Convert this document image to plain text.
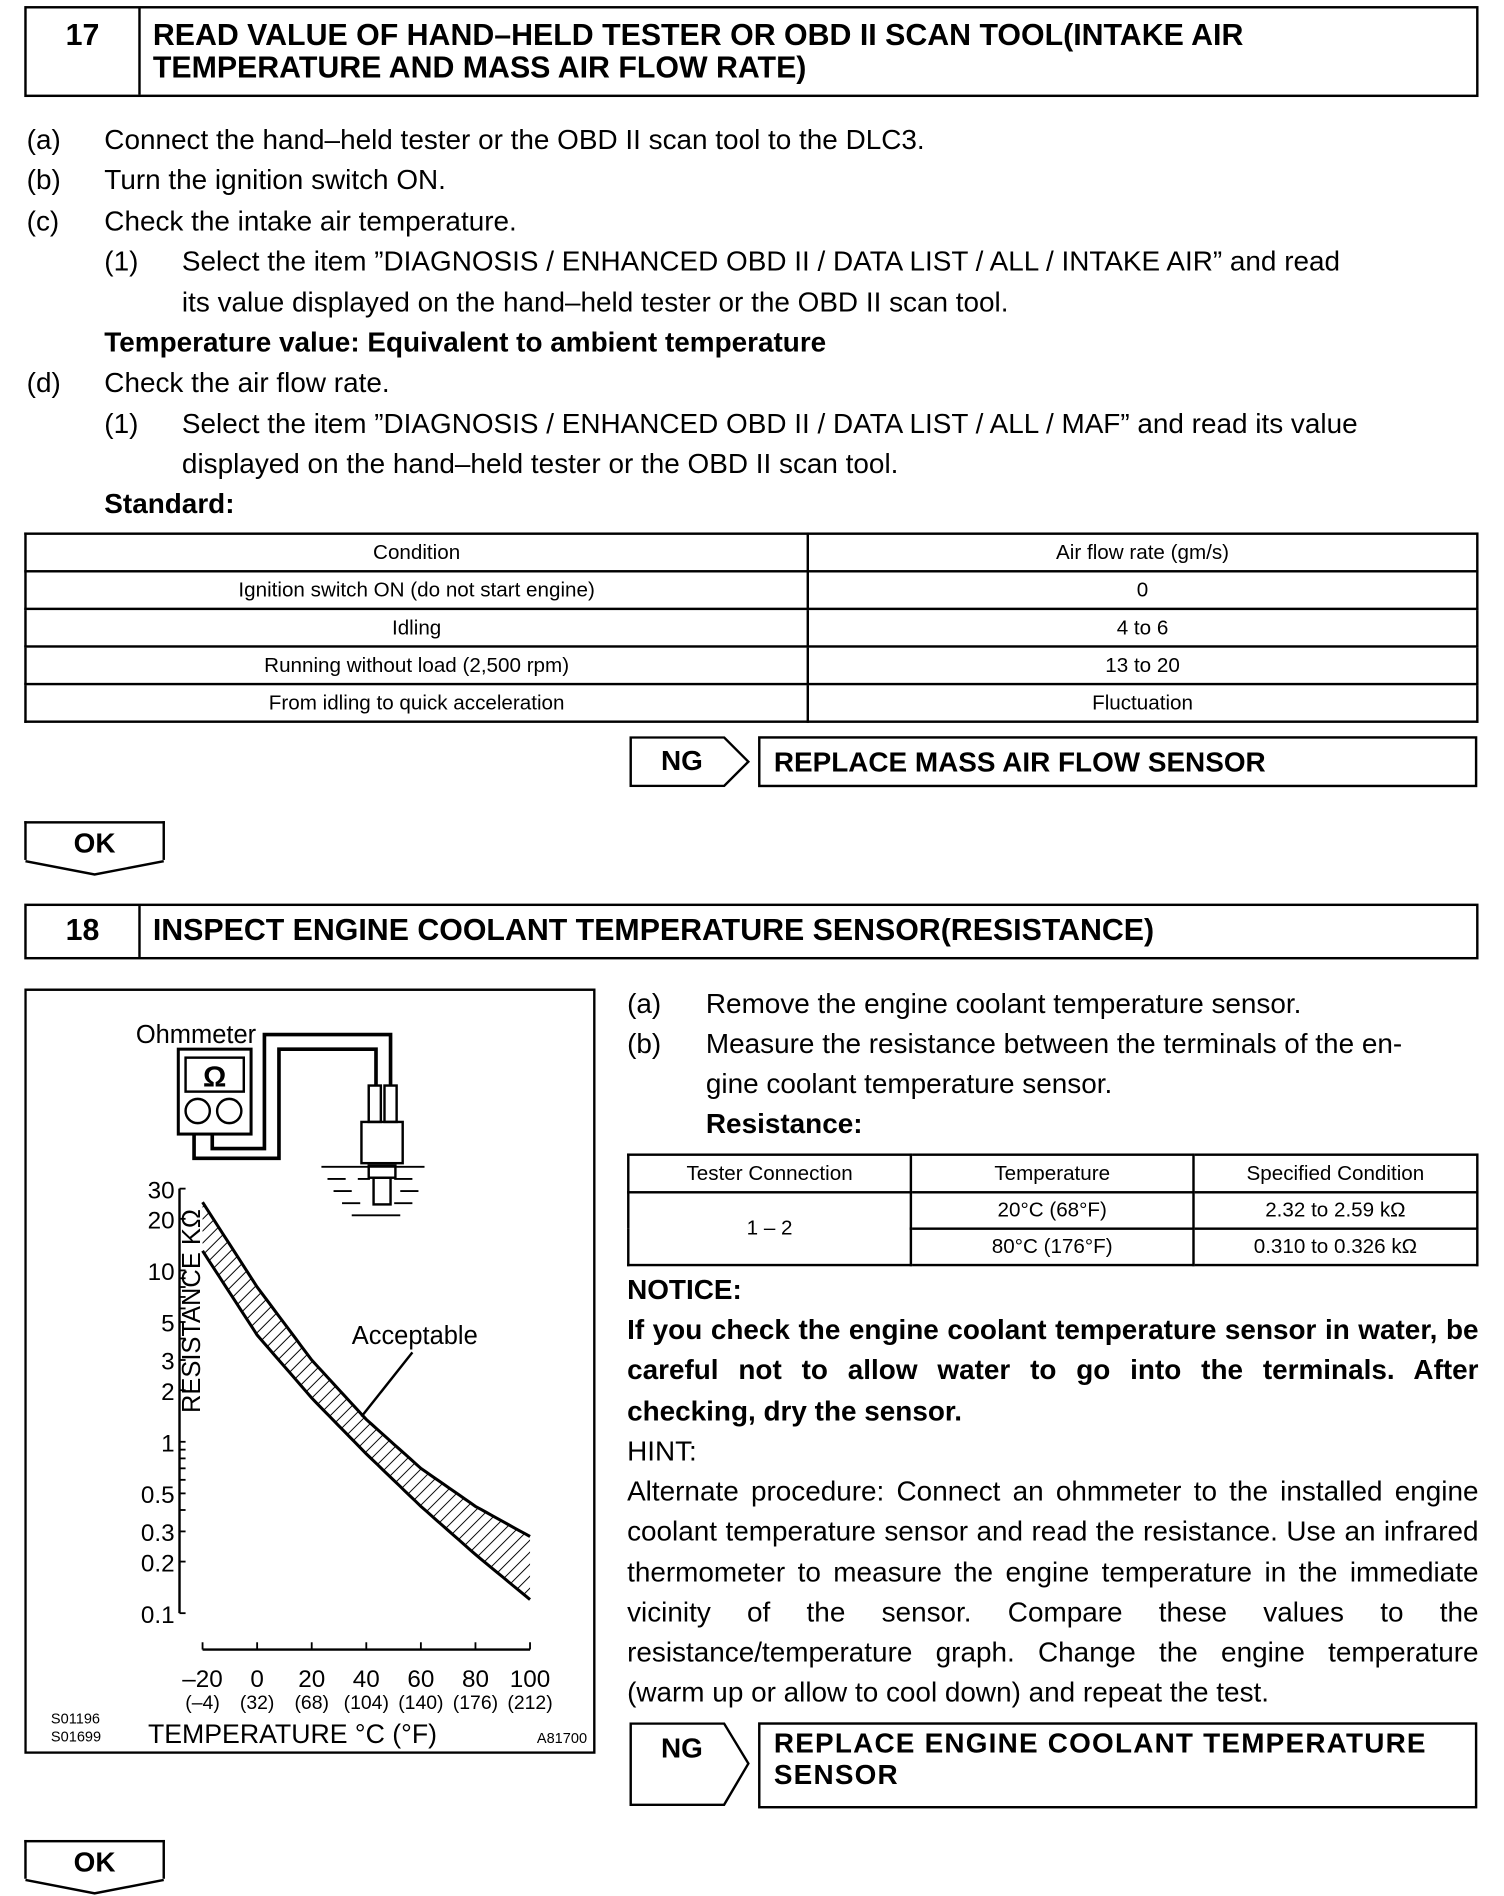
17	READ VALUE OF HAND–HELD TESTER OR OBD II SCAN TOOL(INTAKE AIR TEMPERATURE AND MASS AIR FLOW RATE)
(a) Connect the hand–held tester or the OBD II scan tool to the DLC3.
(b) Turn the ignition switch ON.
(c) Check the intake air temperature.
(1) Select the item ”DIAGNOSIS / ENHANCED OBD II / DATA LIST / ALL / INTAKE AIR” and read
its value displayed on the hand–held tester or the OBD II scan tool.
Temperature value: Equivalent to ambient temperature
(d) Check the air flow rate.
(1) Select the item ”DIAGNOSIS / ENHANCED OBD II / DATA LIST / ALL / MAF” and read its value
displayed on the hand–held tester or the OBD II scan tool.
Standard:
Condition	Air flow rate (gm/s)
Ignition switch ON (do not start engine)	0
Idling	4 to 6
Running without load (2,500 rpm)	13 to 20
From idling to quick acceleration	Fluctuation
NG	REPLACE MASS AIR FLOW SENSOR
OK
18	INSPECT ENGINE COOLANT TEMPERATURE SENSOR(RESISTANCE)
Ohmmeter
Ω
30
20
10
5
3
2
1
0.5
0.3
0.2
0.1
–20
(–4)
0
(32)
20
(68)
40
(104)
60
(140)
80
(176)
100
(212)
Acceptable
RESISTANCE KΩ
TEMPERATURE °C (°F)
S01196
S01699	A81700
(a) Remove the engine coolant temperature sensor.
(b) Measure the resistance between the terminals of the en-
gine coolant temperature sensor.
Resistance:
Tester Connection	Temperature	Specified Condition
1 – 2	20°C (68°F)	2.32 to 2.59 kΩ
	80°C (176°F)	0.310 to 0.326 kΩ
NOTICE:
If you check the engine coolant temperature sensor in water, be careful not to allow water to go into the terminals. After checking, dry the sensor.
HINT:
Alternate procedure: Connect an ohmmeter to the installed engine coolant temperature sensor and read the resistance. Use an infrared thermometer to measure the engine temperature in the immediate vicinity of the sensor. Compare these values to the resistance/temperature graph. Change the engine temperature (warm up or allow to cool down) and repeat the test.
NG	REPLACE ENGINE COOLANT TEMPERATURE SENSOR
OK
